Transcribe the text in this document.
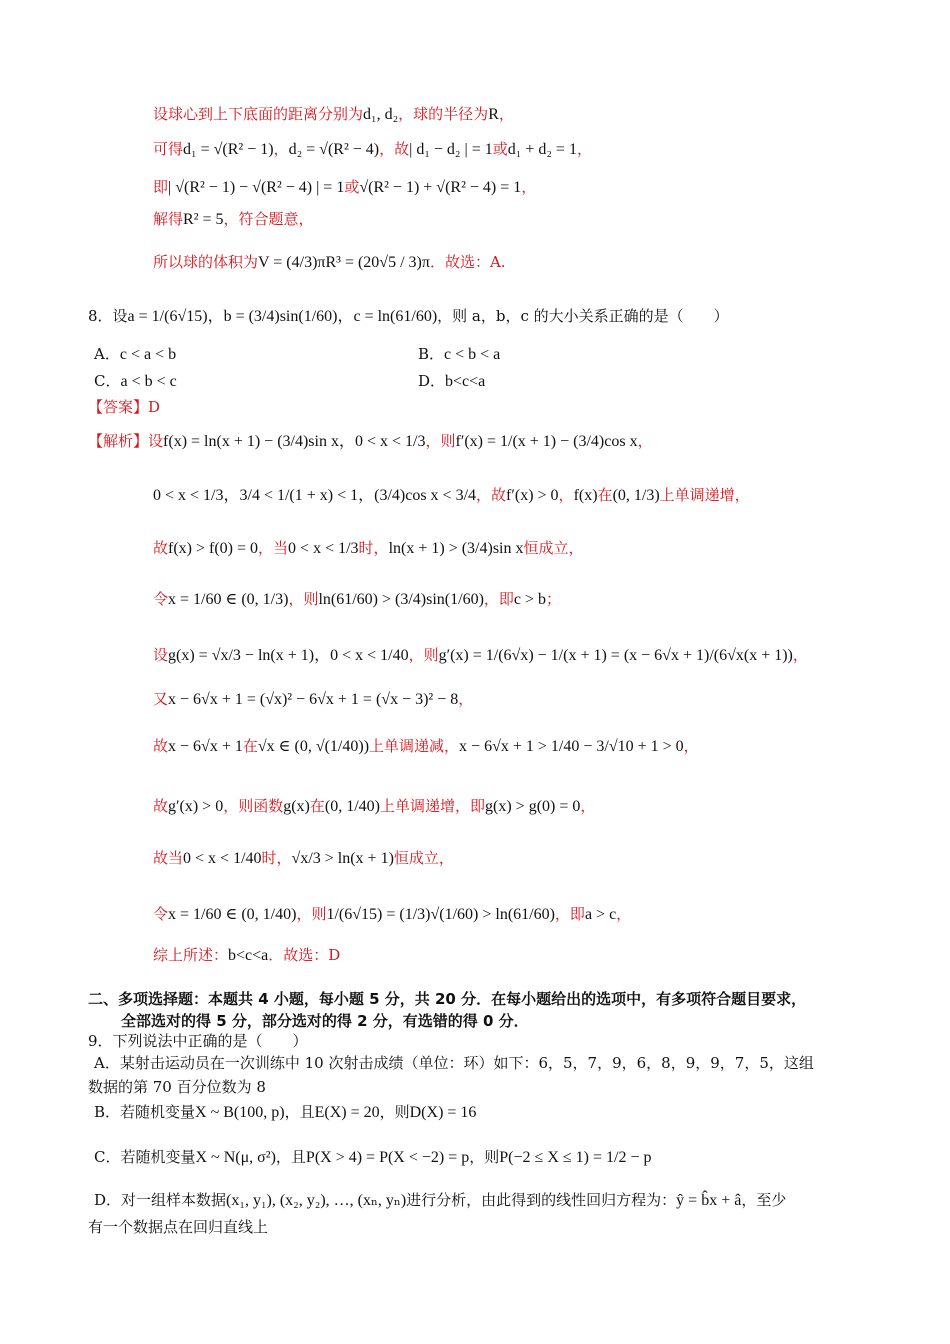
设球心到上下底面的距离分别为d₁, d₂，球的半径为R，
可得d₁ = √(R² − 1)，d₂ = √(R² − 4)，故| d₁ − d₂ | = 1或d₁ + d₂ = 1，
即| √(R² − 1) − √(R² − 4) | = 1或√(R² − 1) + √(R² − 4) = 1，
解得R² = 5，符合题意，
所以球的体积为V = (4/3)πR³ = (20√5 / 3)π．故选：A.
8．设a = 1/(6√15)，b = (3/4)sin(1/60)，c = ln(61/60)，则 a，b，c 的大小关系正确的是（　　）
A．c < a < b	B．c < b < a
C．a < b < c	D．b<c<a
【答案】D
【解析】设f(x) = ln(x + 1) − (3/4)sin x，0 < x < 1/3，则f′(x) = 1/(x + 1) − (3/4)cos x，
0 < x < 1/3，3/4 < 1/(1 + x) < 1，(3/4)cos x < 3/4，故f′(x) > 0，f(x)在(0, 1/3)上单调递增，
故f(x) > f(0) = 0，当0 < x < 1/3时，ln(x + 1) > (3/4)sin x恒成立，
令x = 1/60 ∈ (0, 1/3)，则ln(61/60) > (3/4)sin(1/60)，即c > b；
设g(x) = √x/3 − ln(x + 1)，0 < x < 1/40，则g′(x) = 1/(6√x) − 1/(x + 1) = (x − 6√x + 1)/(6√x(x + 1))，
又x − 6√x + 1 = (√x)² − 6√x + 1 = (√x − 3)² − 8，
故x − 6√x + 1在√x ∈ (0, √(1/40))上单调递减，x − 6√x + 1 > 1/40 − 3/√10 + 1 > 0，
故g′(x) > 0，则函数g(x)在(0, 1/40)上单调递增，即g(x) > g(0) = 0，
故当0 < x < 1/40时，√x/3 > ln(x + 1)恒成立，
令x = 1/60 ∈ (0, 1/40)，则1/(6√15) = (1/3)√(1/60) > ln(61/60)，即a > c，
综上所述：b<c<a．故选：D
二、多项选择题：本题共 4 小题，每小题 5 分，共 20 分．在每小题给出的选项中，有多项符合题目要求，
全部选对的得 5 分，部分选对的得 2 分，有选错的得 0 分．
9．下列说法中正确的是（　　）
A．某射击运动员在一次训练中 10 次射击成绩（单位：环）如下：6，5，7，9，6，8，9，9，7，5，这组
数据的第 70 百分位数为 8
B．若随机变量X ~ B(100, p)，且E(X) = 20，则D(X) = 16
C．若随机变量X ~ N(μ, σ²)，且P(X > 4) = P(X < −2) = p，则P(−2 ≤ X ≤ 1) = 1/2 − p
D．对一组样本数据(x₁, y₁), (x₂, y₂), …, (xₙ, yₙ)进行分析，由此得到的线性回归方程为：ŷ = b̂x + â，至少
有一个数据点在回归直线上
